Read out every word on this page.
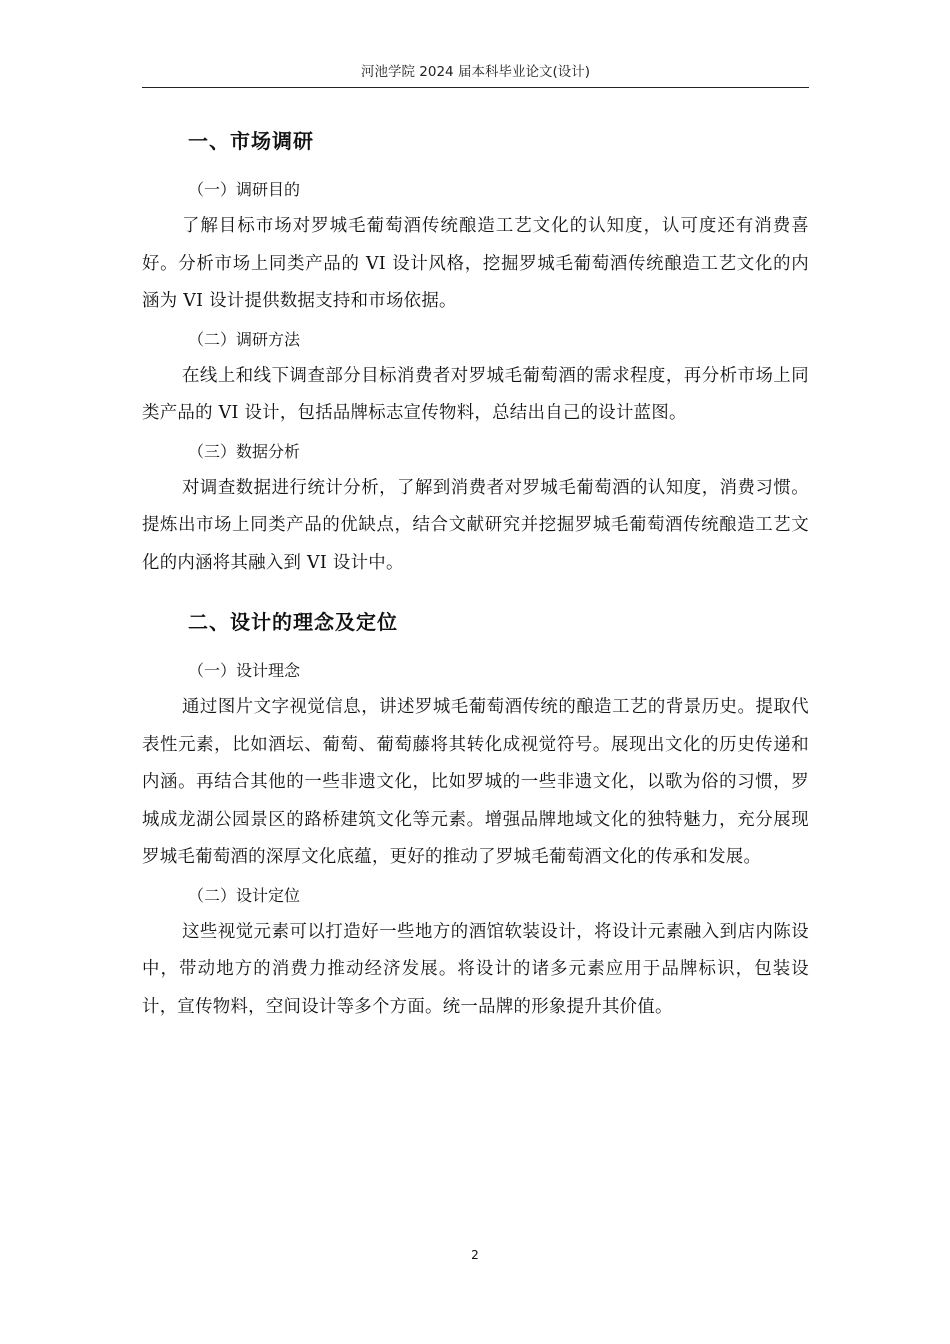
河池学院 2024 届本科毕业论文(设计)
一、市场调研
（一）调研目的

了解目标市场对罗城毛葡萄酒传统酿造工艺文化的认知度，认可度还有消费喜好。分析市场上同类产品的 VI 设计风格，挖掘罗城毛葡萄酒传统酿造工艺文化的内涵为 VI 设计提供数据支持和市场依据。

（二）调研方法

在线上和线下调查部分目标消费者对罗城毛葡萄酒的需求程度，再分析市场上同类产品的 VI 设计，包括品牌标志宣传物料，总结出自己的设计蓝图。

（三）数据分析

对调查数据进行统计分析，了解到消费者对罗城毛葡萄酒的认知度，消费习惯。提炼出市场上同类产品的优缺点，结合文献研究并挖掘罗城毛葡萄酒传统酿造工艺文化的内涵将其融入到 VI 设计中。

二、设计的理念及定位
（一）设计理念

通过图片文字视觉信息，讲述罗城毛葡萄酒传统的酿造工艺的背景历史。提取代表性元素，比如酒坛、葡萄、葡萄藤将其转化成视觉符号。展现出文化的历史传递和内涵。再结合其他的一些非遗文化，比如罗城的一些非遗文化，以歌为俗的习惯，罗城成龙湖公园景区的路桥建筑文化等元素。增强品牌地域文化的独特魅力，充分展现罗城毛葡萄酒的深厚文化底蕴，更好的推动了罗城毛葡萄酒文化的传承和发展。

（二）设计定位

这些视觉元素可以打造好一些地方的酒馆软装设计，将设计元素融入到店内陈设中，带动地方的消费力推动经济发展。将设计的诸多元素应用于品牌标识，包装设计，宣传物料，空间设计等多个方面。统一品牌的形象提升其价值。

2
